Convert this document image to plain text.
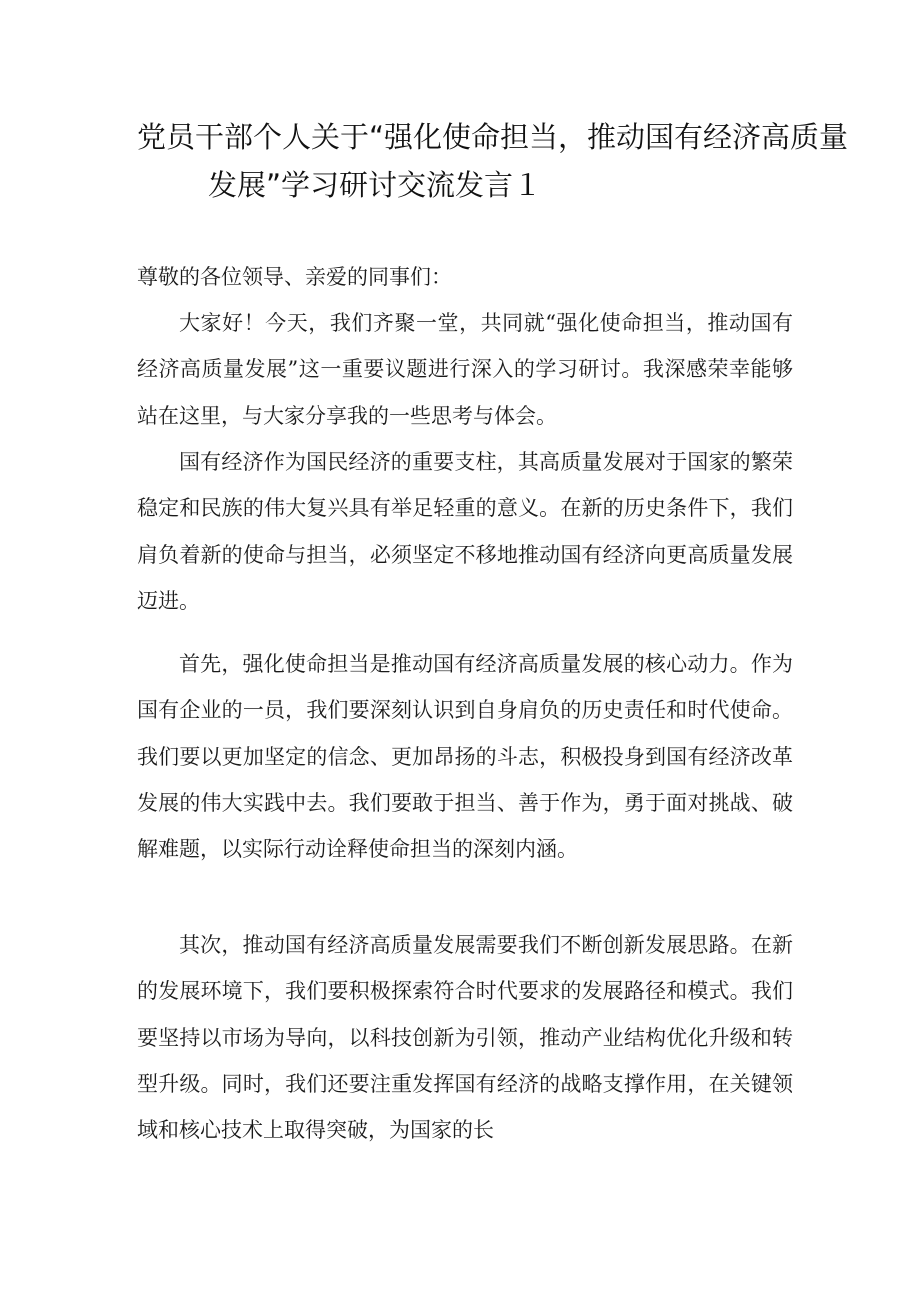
党员干部个人关于“强化使命担当，推动国有经济高质量
发展”学习研讨交流发言１
尊敬的各位领导、亲爱的同事们：

大家好！今天，我们齐聚一堂，共同就“强化使命担当，推动国有经济高质量发展”这一重要议题进行深入的学习研讨。我深感荣幸能够站在这里，与大家分享我的一些思考与体会。

国有经济作为国民经济的重要支柱，其高质量发展对于国家的繁荣稳定和民族的伟大复兴具有举足轻重的意义。在新的历史条件下，我们肩负着新的使命与担当，必须坚定不移地推动国有经济向更高质量发展迈进。

首先，强化使命担当是推动国有经济高质量发展的核心动力。作为国有企业的一员，我们要深刻认识到自身肩负的历史责任和时代使命。我们要以更加坚定的信念、更加昂扬的斗志，积极投身到国有经济改革发展的伟大实践中去。我们要敢于担当、善于作为，勇于面对挑战、破解难题，以实际行动诠释使命担当的深刻内涵。

其次，推动国有经济高质量发展需要我们不断创新发展思路。在新的发展环境下，我们要积极探索符合时代要求的发展路径和模式。我们要坚持以市场为导向，以科技创新为引领，推动产业结构优化升级和转型升级。同时，我们还要注重发挥国有经济的战略支撑作用，在关键领域和核心技术上取得突破，为国家的长
